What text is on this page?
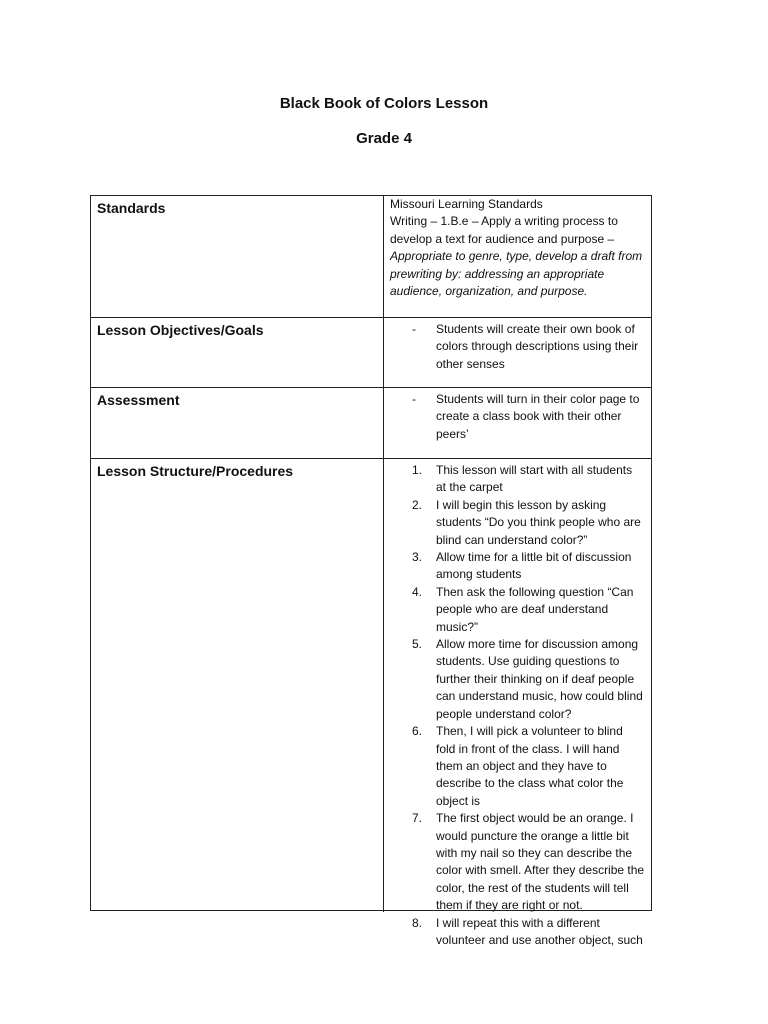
Black Book of Colors Lesson
Grade 4
Standards	Missouri Learning Standards
Writing – 1.B.e – Apply a writing process to develop a text for audience and purpose –
Appropriate to genre, type, develop a draft from prewriting by: addressing an appropriate audience, organization, and purpose.
Lesson Objectives/Goals	- Students will create their own book of colors through descriptions using their other senses
Assessment	- Students will turn in their color page to create a class book with their other peers’
Lesson Structure/Procedures	1.	This lesson will start with all students at the carpet
2.	I will begin this lesson by asking students “Do you think people who are blind can understand color?”
3.	Allow time for a little bit of discussion among students
4.	Then ask the following question “Can people who are deaf understand music?”
5.	Allow more time for discussion among students. Use guiding questions to further their thinking on if deaf people can understand music, how could blind people understand color?
6.	Then, I will pick a volunteer to blind fold in front of the class. I will hand them an object and they have to describe to the class what color the object is
7.	The first object would be an orange. I would puncture the orange a little bit with my nail so they can describe the color with smell. After they describe the color, the rest of the students will tell them if they are right or not.
8.	I will repeat this with a different volunteer and use another object, such
